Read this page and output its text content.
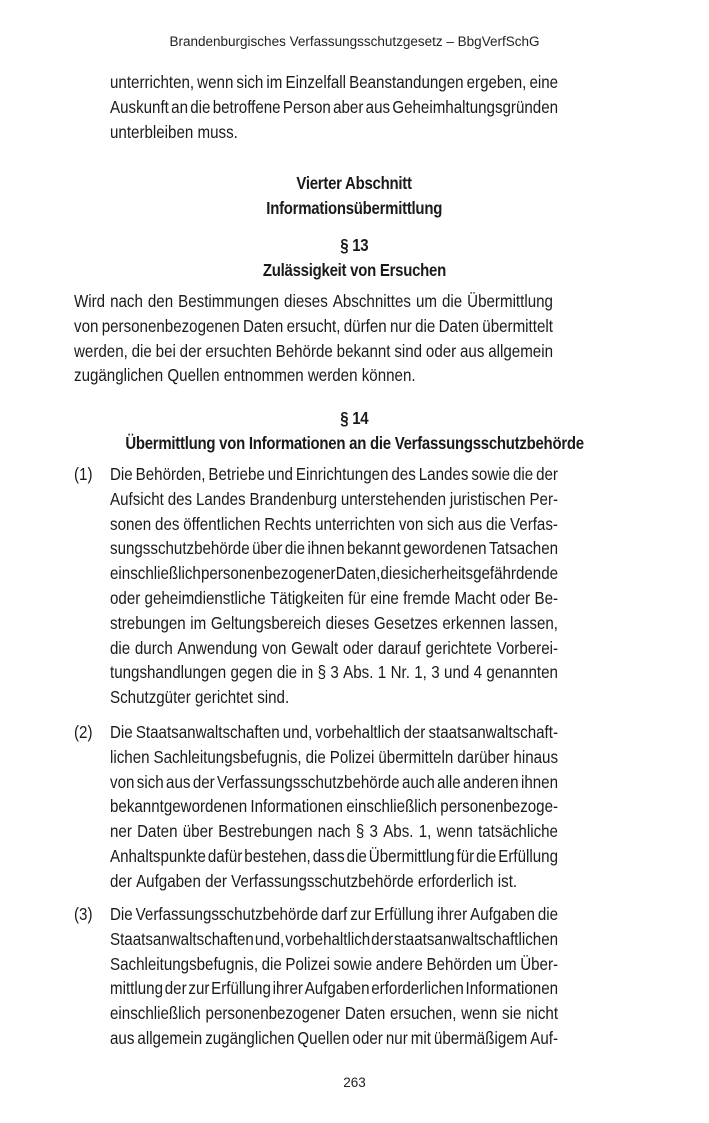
Brandenburgisches Verfassungsschutzgesetz – BbgVerfSchG
unterrichten, wenn sich im Einzelfall Beanstandungen ergeben, eine
Auskunft an die betroffene Person aber aus Geheimhaltungsgründen
unterbleiben
muss.
Vierter Abschnitt
Informationsübermittlung
§ 13
Zulässigkeit von Ersuchen
Wird nach den Bestimmungen dieses Abschnittes um die Übermittlung
von personenbezogenen Daten ersucht, dürfen nur die Daten übermittelt
werden, die bei der ersuchten Behörde bekannt sind oder aus allgemein
zugänglichen
Quellen
entnommen
werden
können.
§ 14
Übermittlung von Informationen an die Verfassungsschutzbehörde
(1) Die Behörden, Betriebe und Einrichtungen des Landes sowie die der
Aufsicht des Landes Brandenburg unterstehenden juristischen Per-
sonen des öffentlichen Rechts unterrichten von sich aus die Verfas-
sungsschutzbehörde über die ihnen bekannt gewordenen Tatsachen
einschließlich personenbezogener Daten, die sicherheitsgefährdende
oder geheimdienstliche Tätigkeiten für eine fremde Macht oder Be-
strebungen im Geltungsbereich dieses Gesetzes erkennen lassen,
die durch Anwendung von Gewalt oder darauf gerichtete Vorberei-
tungshandlungen gegen die in § 3 Abs. 1 Nr. 1, 3 und 4 genannten
Schutzgüter
gerichtet
sind.
(2) Die Staatsanwaltschaften und, vorbehaltlich der staatsanwaltschaft-
lichen Sachleitungsbefugnis, die Polizei übermitteln darüber hinaus
von sich aus der Verfassungsschutzbehörde auch alle anderen ihnen
bekanntgewordenen Informationen einschließlich personenbezoge-
ner Daten über Bestrebungen nach § 3 Abs. 1, wenn tatsächliche
Anhaltspunkte dafür bestehen, dass die Übermittlung für die Erfüllung
der
Aufgaben
der
Verfassungsschutzbehörde
erforderlich
ist.
(3) Die Verfassungsschutzbehörde darf zur Erfüllung ihrer Aufgaben die
Staatsanwaltschaften und, vorbehaltlich der staatsanwaltschaftlichen
Sachleitungsbefugnis, die Polizei sowie andere Behörden um Über-
mittlung der zur Erfüllung ihrer Aufgaben erforderlichen Informationen
einschließlich personenbezogener Daten ersuchen, wenn sie nicht
aus allgemein zugänglichen Quellen oder nur mit übermäßigem Auf-
263
